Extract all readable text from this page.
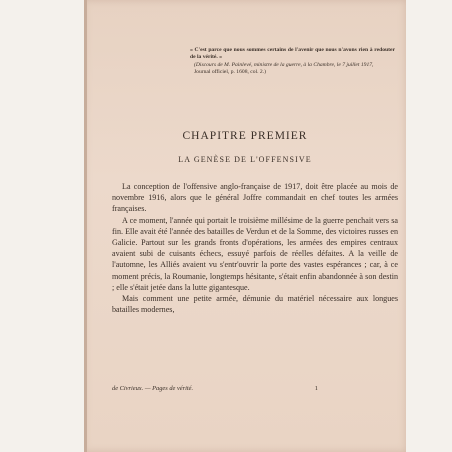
« C'est parce que nous sommes certains de l'avenir que nous n'avons rien à redouter de la vérité. »
(Discours de M. Painlevé, ministre de la guerre, à la Chambre, le 7 juillet 1917,
Journal officiel, p. 1608, col. 2.)
CHAPITRE PREMIER
LA GENÈSE DE L'OFFENSIVE

La conception de l'offensive anglo-française de 1917, doit être placée au mois de novembre 1916, alors que le général Joffre commandait en chef toutes les armées françaises.

A ce moment, l'année qui portait le troisième millésime de la guerre penchait vers sa fin. Elle avait été l'année des batailles de Verdun et de la Somme, des victoires russes en Galicie. Partout sur les grands fronts d'opérations, les armées des empires centraux avaient subi de cuisants échecs, essuyé parfois de réelles défaites. A la veille de l'automne, les Alliés avaient vu s'entr'ouvrir la porte des vastes espérances ; car, à ce moment précis, la Roumanie, longtemps hésitante, s'était enfin abandonnée à son destin ; elle s'était jetée dans la lutte gigantesque.

Mais comment une petite armée, démunie du matériel nécessaire aux longues batailles modernes,

de Civrieux. — Pages de vérité.	1
